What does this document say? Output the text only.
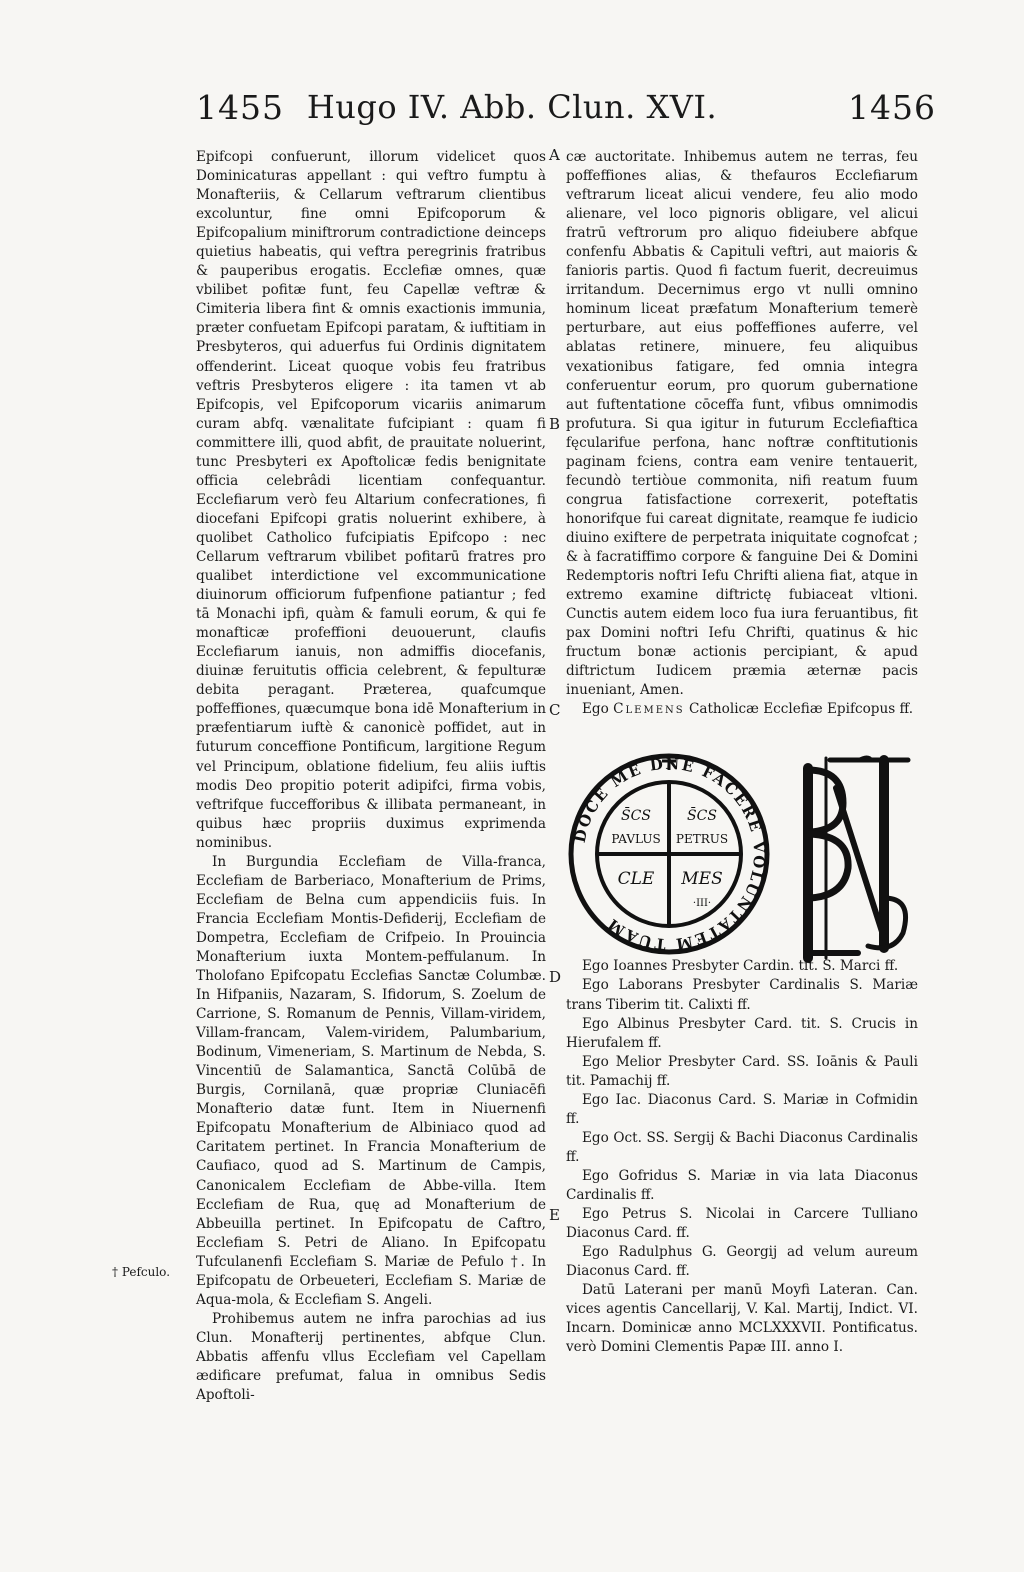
1455 Hugo IV. Abb. Clun. XVI.	1456
A
B
C
D
E
† Pefculo.

Epifcopi confuerunt, illorum videlicet quos Dominicaturas appellant : qui veftro fumptu à Monafteriis, & Cellarum veftrarum clientibus excoluntur, fine omni Epifcoporum & Epifcopalium miniftrorum contradictione deinceps quietius habeatis, qui veftra peregrinis fratribus & pauperibus erogatis. Ecclefiæ omnes, quæ vbilibet pofitæ funt, feu Capellæ veftræ & Cimiteria libera fint & omnis exactionis immunia, præter confuetam Epifcopi paratam, & iuftitiam in Presbyteros, qui aduerfus fui Ordinis dignitatem offenderint. Liceat quoque vobis feu fratribus veftris Presbyteros eligere : ita tamen vt ab Epifcopis, vel Epifcoporum vicariis animarum curam abfq. vænalitate fufcipiant : quam fi committere illi, quod abfit, de prauitate noluerint, tunc Presbyteri ex Apoftolicæ fedis benignitate officia celebrâdi licentiam confequantur. Ecclefiarum verò feu Altarium confecrationes, fi diocefani Epifcopi gratis noluerint exhibere, à quolibet Catholico fufcipiatis Epifcopo : nec Cellarum veftrarum vbilibet pofitarū fratres pro qualibet interdictione vel excommunicatione diuinorum officiorum fufpenfione patiantur ; fed tā Monachi ipfi, quàm & famuli eorum, & qui fe monafticæ profeffioni deuouerunt, claufis Ecclefiarum ianuis, non admiffis diocefanis, diuinæ feruitutis officia celebrent, & fepulturæ debita peragant. Præterea, quafcumque poffeffiones, quæcumque bona idē Monafterium in præfentiarum iuftè & canonicè poffidet, aut in futurum conceffione Pontificum, largitione Regum vel Principum, oblatione fidelium, feu aliis iuftis modis Deo propitio poterit adipifci, firma vobis, veftrifque fuccefforibus & illibata permaneant, in quibus hæc propriis duximus exprimenda nominibus.

In Burgundia Ecclefiam de Villa-franca, Ecclefiam de Barberiaco, Monafterium de Prims, Ecclefiam de Belna cum appendiciis fuis. In Francia Ecclefiam Montis-Defiderij, Ecclefiam de Dompetra, Ecclefiam de Crifpeio. In Prouincia Monafterium iuxta Montem-peffulanum. In Tholofano Epifcopatu Ecclefias Sanctæ Columbæ. In Hifpaniis, Nazaram, S. Ifidorum, S. Zoelum de Carrione, S. Romanum de Pennis, Villam-viridem, Villam-francam, Valem-viridem, Palumbarium, Bodinum, Vimeneriam, S. Martinum de Nebda, S. Vincentiū de Salamantica, Sanctā Colūbā de Burgis, Cornilanā, quæ propriæ Cluniacēfi Monafterio datæ funt. Item in Niuernenfi Epifcopatu Monafterium de Albiniaco quod ad Caritatem pertinet. In Francia Monafterium de Caufiaco, quod ad S. Martinum de Campis, Canonicalem Ecclefiam de Abbe-villa. Item Ecclefiam de Rua, quę ad Monafterium de Abbeuilla pertinet. In Epifcopatu de Caftro, Ecclefiam S. Petri de Aliano. In Epifcopatu Tufculanenfi Ecclefiam S. Mariæ de Pefulo †. In Epifcopatu de Orbeueteri, Ecclefiam S. Mariæ de Aqua-mola, & Ecclefiam S. Angeli.

Prohibemus autem ne infra parochias ad ius Clun. Monafterij pertinentes, abfque Clun. Abbatis affenfu vllus Ecclefiam vel Capellam ædificare prefumat, falua in omnibus Sedis Apoftoli-

cæ auctoritate. Inhibemus autem ne terras, feu poffeffiones alias, & thefauros Ecclefiarum veftrarum liceat alicui vendere, feu alio modo alienare, vel loco pignoris obligare, vel alicui fratrū veftrorum pro aliquo fideiubere abfque confenfu Abbatis & Capituli veftri, aut maioris & fanioris partis. Quod fi factum fuerit, decreuimus irritandum. Decernimus ergo vt nulli omnino hominum liceat præfatum Monafterium temerè perturbare, aut eius poffeffiones auferre, vel ablatas retinere, minuere, feu aliquibus vexationibus fatigare, fed omnia integra conferuentur eorum, pro quorum gubernatione aut fuftentatione cōceffa funt, vfibus omnimodis profutura. Si qua igitur in futurum Ecclefiaftica fęcularifue perfona, hanc noftræ conftitutionis paginam fciens, contra eam venire tentauerit, fecundò tertiòue commonita, nifi reatum fuum congrua fatisfactione correxerit, poteftatis honorifque fui careat dignitate, reamque fe iudicio diuino exiftere de perpetrata iniquitate cognofcat ; & à facratiffimo corpore & fanguine Dei & Domini Redemptoris noftri Iefu Chrifti aliena fiat, atque in extremo examine diftrictę fubiaceat vltioni. Cunctis autem eidem loco fua iura feruantibus, fit pax Domini noftri Iefu Chrifti, quatinus & hic fructum bonæ actionis percipiant, & apud diftrictum Iudicem præmia æternæ pacis inueniant, Amen.

Ego Clemens Catholicæ Ecclefiæ Epifcopus ff.

Ego Ioannes Presbyter Cardin. tit. S. Marci ff.

Ego Laborans Presbyter Cardinalis S. Mariæ trans Tiberim tit. Calixti ff.

Ego Albinus Presbyter Card. tit. S. Crucis in Hierufalem ff.

Ego Melior Presbyter Card. SS. Ioānis & Pauli tit. Pamachij ff.

Ego Iac. Diaconus Card. S. Mariæ in Cofmidin ff.

Ego Oct. SS. Sergij & Bachi Diaconus Cardinalis ff.

Ego Gofridus S. Mariæ in via lata Diaconus Cardinalis ff.

Ego Petrus S. Nicolai in Carcere Tulliano Diaconus Card. ff.

Ego Radulphus G. Georgij ad velum aureum Diaconus Card. ff.

Datū Laterani per manū Moyfi Lateran. Can. vices agentis Cancellarij, V. Kal. Martij, Indict. VI. Incarn. Dominicæ anno MCLXXXVII. Pontificatus. verò Domini Clementis Papæ III. anno I.

DOCE ME DNE FACERE VOLUNTATEM TUAM
S̄CS	S̄CS
PAVLUS PETRUS
CLE MES
·III·
